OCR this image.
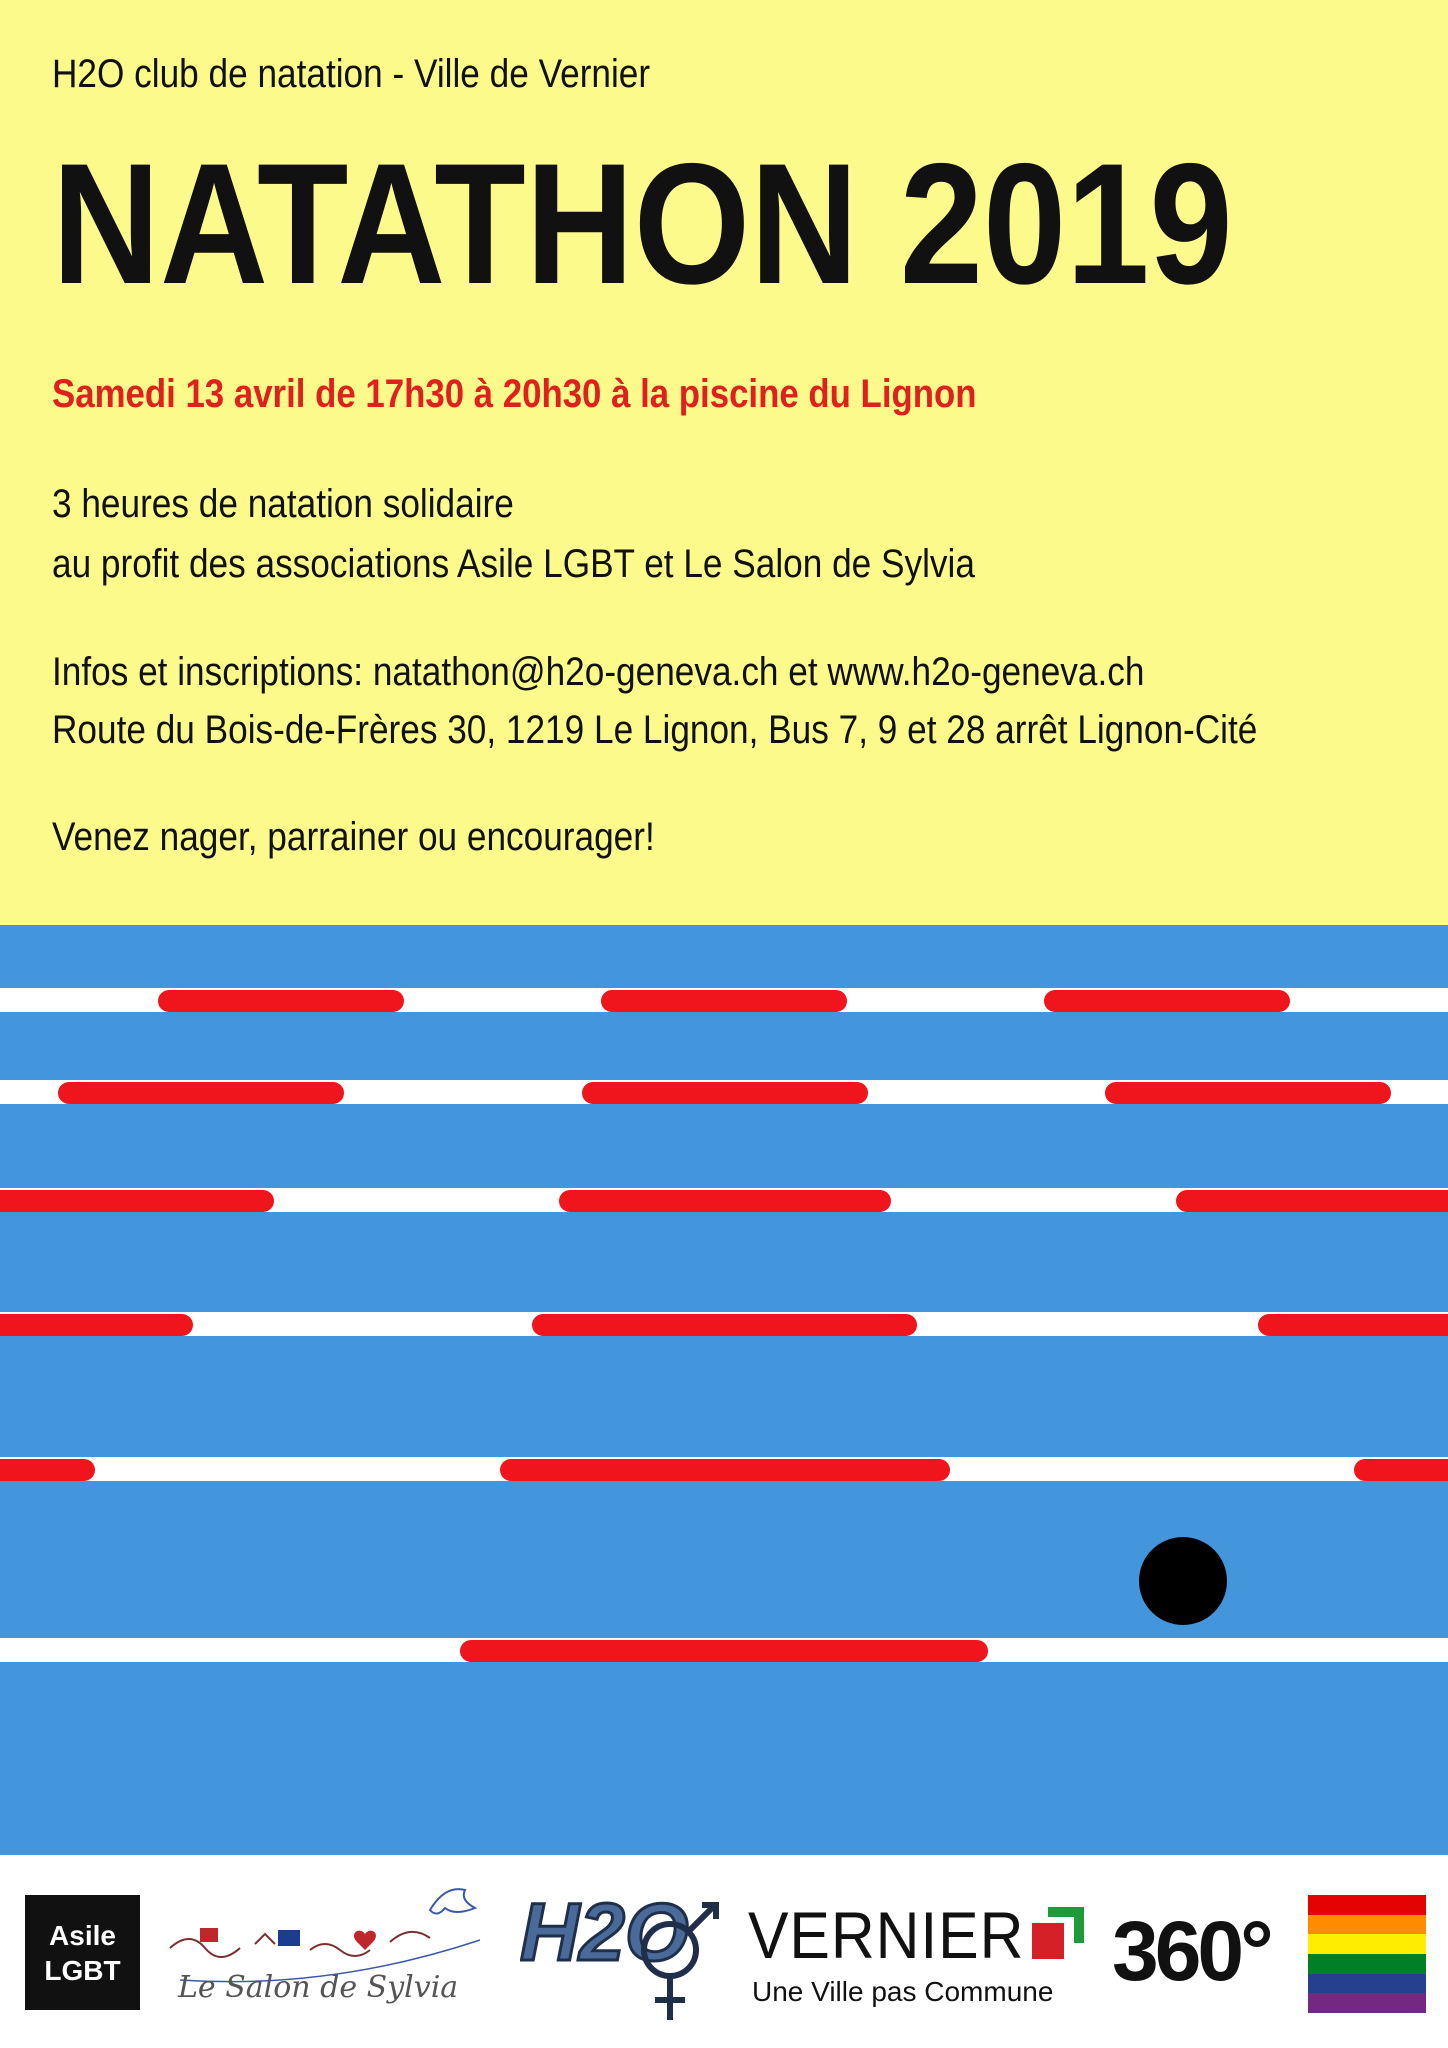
H2O club de natation - Ville de Vernier
NATATHON 2019
Samedi 13 avril de 17h30 à 20h30 à la piscine du Lignon
3 heures de natation solidaire
au profit des associations Asile LGBT et Le Salon de Sylvia
Infos et inscriptions: natathon@h2o-geneva.ch et www.h2o-geneva.ch
Route du Bois-de-Frères 30, 1219 Le Lignon, Bus 7, 9 et 28 arrêt Lignon-Cité
Venez nager, parrainer ou encourager!
Asile
LGBT Le Salon de Sylvia
H2O VERNIER
Une Ville pas Commune 360°
